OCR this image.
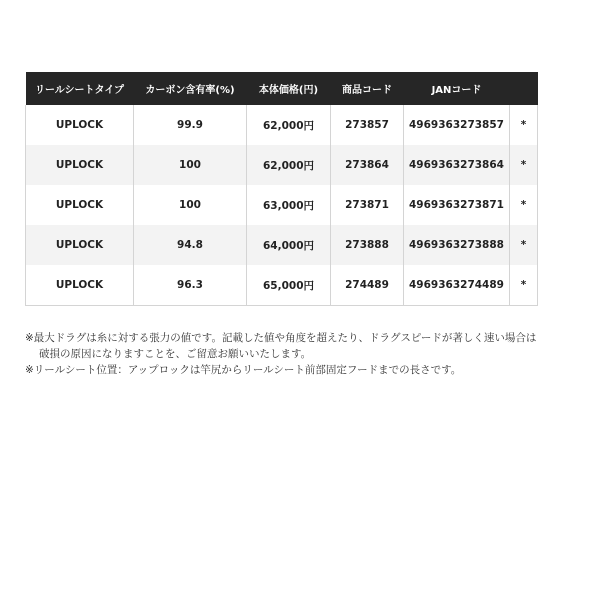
リールシートタイプ	カーボン含有率(%)	本体価格(円)	商品コード	JANコード	
UPLOCK	99.9	62,000円	273857	4969363273857	*
UPLOCK	100	62,000円	273864	4969363273864	*
UPLOCK	100	63,000円	273871	4969363273871	*
UPLOCK	94.8	64,000円	273888	4969363273888	*
UPLOCK	96.3	65,000円	274489	4969363274489	*
※最大ドラグは糸に対する張力の値です。記載した値や角度を超えたり、ドラグスピードが著しく速い場合は
破損の原因になりますことを、ご留意お願いいたします。
※リールシート位置：アップロックは竿尻からリールシート前部固定フードまでの長さです。
